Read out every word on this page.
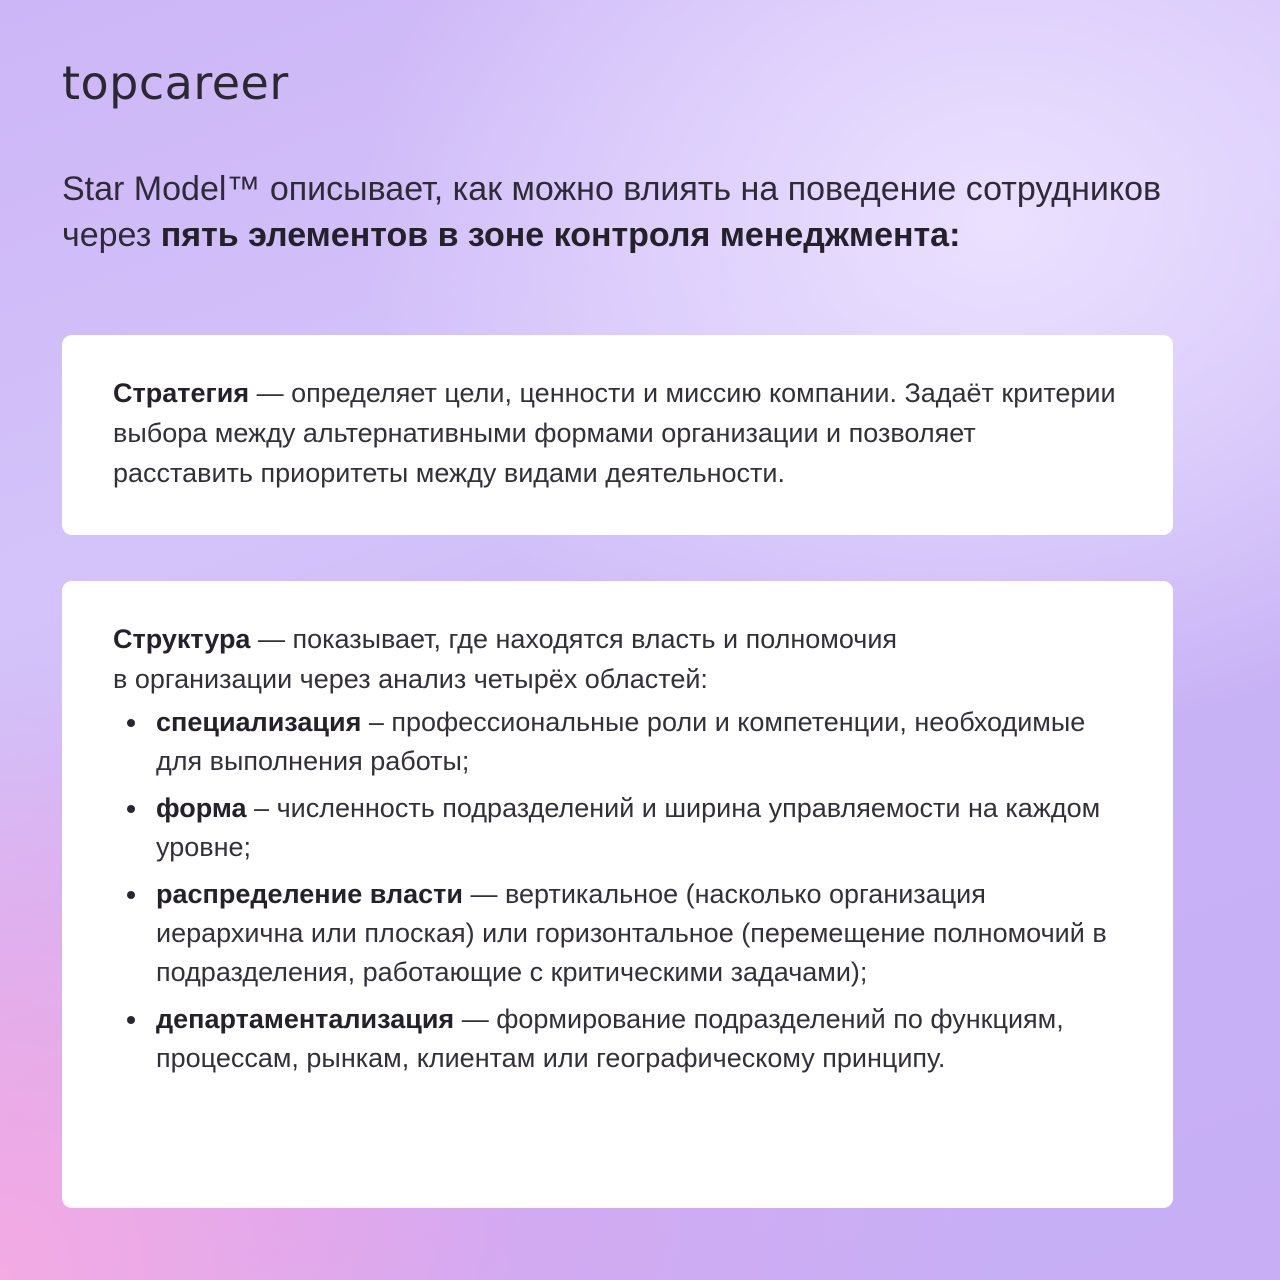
topcareer
Star Model™ описывает, как можно влиять на поведение сотрудников через пять элементов в зоне контроля менеджмента:
Стратегия — определяет цели, ценности и миссию компании. Задаёт критерии выбора между альтернативными формами организации и позволяет расставить приоритеты между видами деятельности.
Структура — показывает, где находятся власть и полномочия
в организации через анализ четырёх областей:
специализация – профессиональные роли и компетенции, необходимые для выполнения работы;
форма – численность подразделений и ширина управляемости на каждом уровне;
распределение власти — вертикальное (насколько организация иерархична или плоская) или горизонтальное (перемещение полномочий в подразделения, работающие с критическими задачами);
департаментализация — формирование подразделений по функциям, процессам, рынкам, клиентам или географическому принципу.
